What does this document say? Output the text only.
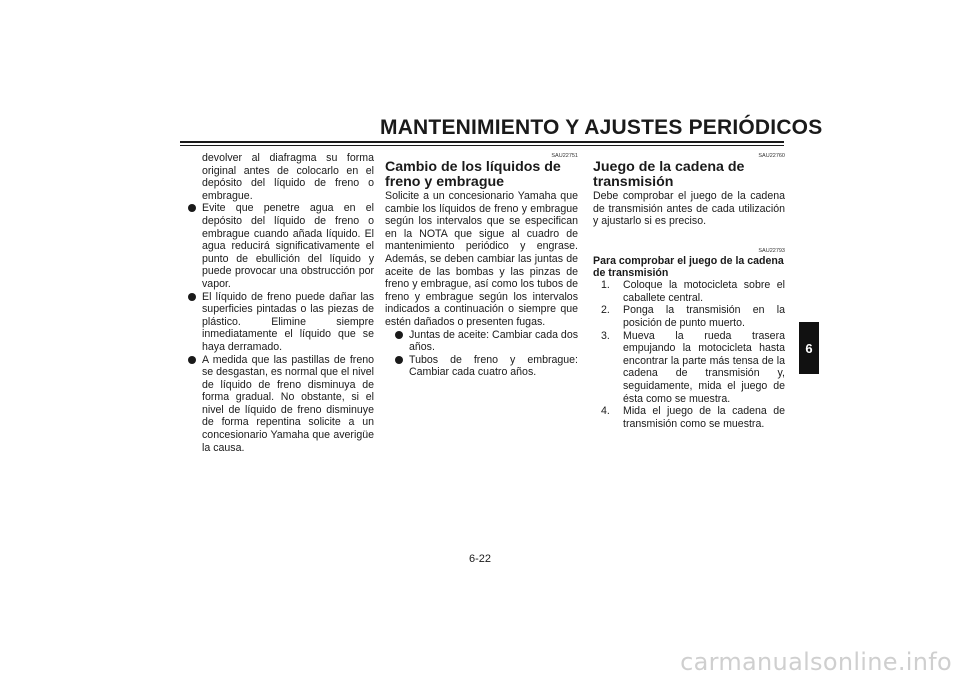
MANTENIMIENTO Y AJUSTES PERIÓDICOS

devolver al diafragma su forma original antes de colocarlo en el depósito del líquido de freno o embrague.

Evite que penetre agua en el depósito del líquido de freno o embrague cuando añada líquido. El agua reducirá significativamente el punto de ebullición del líquido y puede provocar una obstrucción por vapor.
El líquido de freno puede dañar las superficies pintadas o las piezas de plástico. Elimine siempre inmediatamente el líquido que se haya derramado.
A medida que las pastillas de freno se desgastan, es normal que el nivel de líquido de freno disminuya de forma gradual. No obstante, si el nivel de líquido de freno disminuye de forma repentina solicite a un concesionario Yamaha que averigüe la causa.
SAU22751
Cambio de los líquidos de freno y embrague

Solicite a un concesionario Yamaha que cambie los líquidos de freno y embrague según los intervalos que se especifican en la NOTA que sigue al cuadro de mantenimiento periódico y engrase. Además, se deben cambiar las juntas de aceite de las bombas y las pinzas de freno y embrague, así como los tubos de freno y embrague según los intervalos indicados a continuación o siempre que estén dañados o presenten fugas.

Juntas de aceite: Cambiar cada dos años.
Tubos de freno y embrague: Cambiar cada cuatro años.
SAU22760
Juego de la cadena de transmisión

Debe comprobar el juego de la cadena de transmisión antes de cada utilización y ajustarlo si es preciso.

SAU22793
Para comprobar el juego de la cadena de transmisión
1. Coloque la motocicleta sobre el caballete central.
2. Ponga la transmisión en la posición de punto muerto.
3. Mueva la rueda trasera empujando la motocicleta hasta encontrar la parte más tensa de la cadena de transmisión y, seguidamente, mida el juego de ésta como se muestra.
4. Mida el juego de la cadena de transmisión como se muestra.
6
6-22
carmanualsonline.info
